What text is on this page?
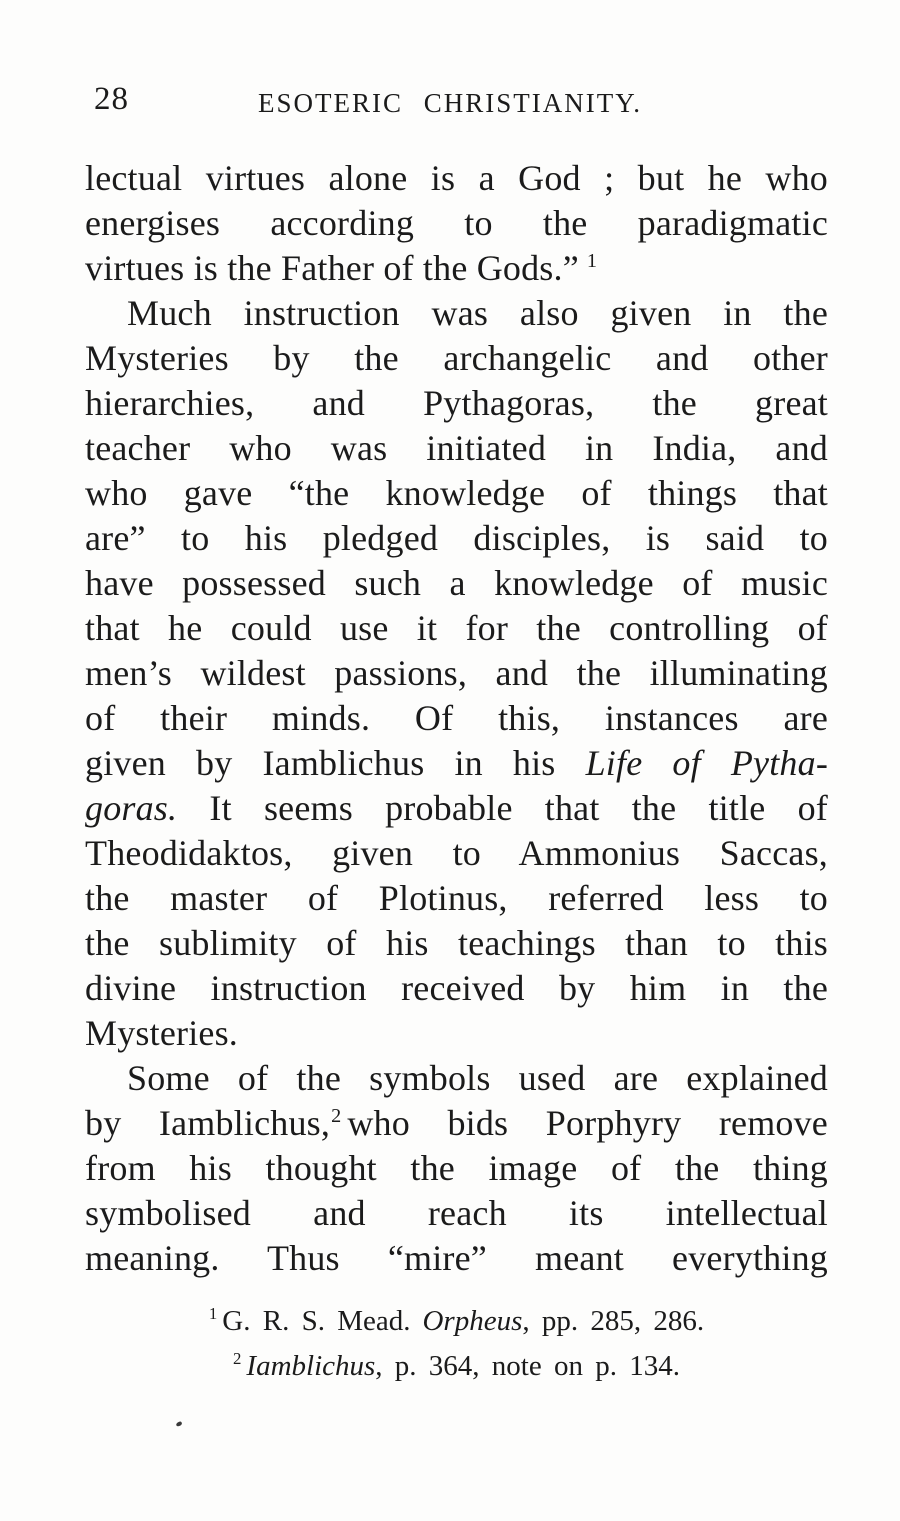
28	ESOTERIC CHRISTIANITY.
lectual virtues alone is a God ; but he who
energises according to the paradigmatic
virtues is the Father of the Gods.” $^1$
Much instruction was also given in the
Mysteries by the archangelic and other
hierarchies, and Pythagoras, the great
teacher who was initiated in India, and
who gave “the knowledge of things that
are” to his pledged disciples, is said to
have possessed such a knowledge of music
that he could use it for the controlling of
men’s wildest passions, and the illuminating
of their minds. Of this, instances are
given by Iamblichus in his Life of Pytha-
goras. It seems probable that the title of
Theodidaktos, given to Ammonius Saccas,
the master of Plotinus, referred less to
the sublimity of his teachings than to this
divine instruction received by him in the
Mysteries.
Some of the symbols used are explained
by Iamblichus,$^2$ who bids Porphyry remove
from his thought the image of the thing
symbolised and reach its intellectual
meaning. Thus “mire” meant everything
$^1$ G. R. S. Mead. Orpheus, pp. 285, 286.
$^2$ Iamblichus, p. 364, note on p. 134.
